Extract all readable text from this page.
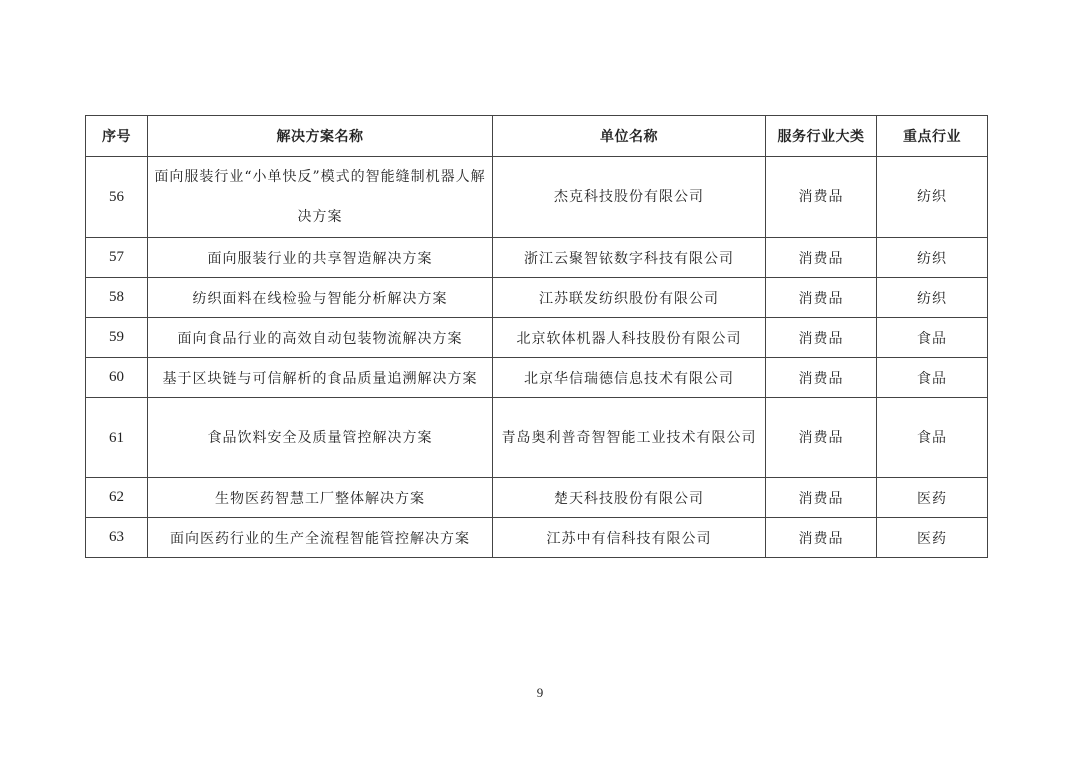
序号	解决方案名称	单位名称	服务行业大类	重点行业
56	面向服装行业“小单快反”模式的智能缝制机器人解决方案	杰克科技股份有限公司	消费品	纺织
57	面向服装行业的共享智造解决方案	浙江云聚智铱数字科技有限公司	消费品	纺织
58	纺织面料在线检验与智能分析解决方案	江苏联发纺织股份有限公司	消费品	纺织
59	面向食品行业的高效自动包装物流解决方案	北京软体机器人科技股份有限公司	消费品	食品
60	基于区块链与可信解析的食品质量追溯解决方案	北京华信瑞德信息技术有限公司	消费品	食品
61	食品饮料安全及质量管控解决方案	青岛奥利普奇智智能工业技术有限公司	消费品	食品
62	生物医药智慧工厂整体解决方案	楚天科技股份有限公司	消费品	医药
63	面向医药行业的生产全流程智能管控解决方案	江苏中有信科技有限公司	消费品	医药
9
